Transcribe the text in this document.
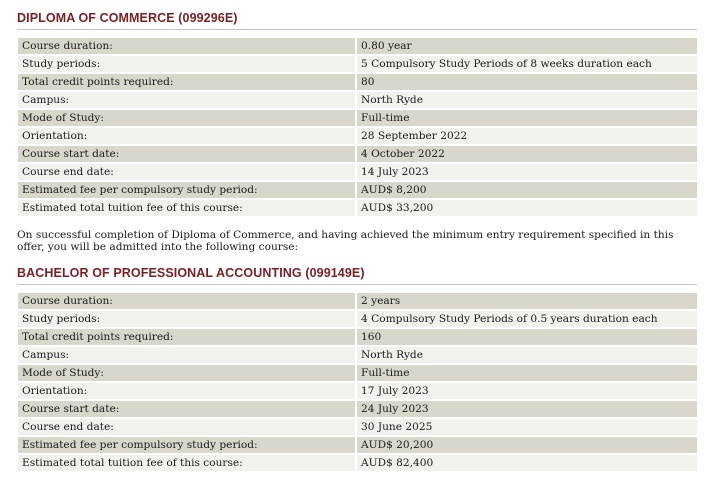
DIPLOMA OF COMMERCE (099296E)
Course duration:		0.80 year
Study periods:		5 Compulsory Study Periods of 8 weeks duration each
Total credit points required:		80
Campus:		North Ryde
Mode of Study:		Full-time
Orientation:		28 September 2022
Course start date:		4 October 2022
Course end date:		14 July 2023
Estimated fee per compulsory study period:		AUD$ 8,200
Estimated total tuition fee of this course:		AUD$ 33,200
On successful completion of Diploma of Commerce, and having achieved the minimum entry requirement specified in this offer, you will be admitted into the following course:
BACHELOR OF PROFESSIONAL ACCOUNTING (099149E)
Course duration:		2 years
Study periods:		4 Compulsory Study Periods of 0.5 years duration each
Total credit points required:		160
Campus:		North Ryde
Mode of Study:		Full-time
Orientation:		17 July 2023
Course start date:		24 July 2023
Course end date:		30 June 2025
Estimated fee per compulsory study period:		AUD$ 20,200
Estimated total tuition fee of this course:		AUD$ 82,400
